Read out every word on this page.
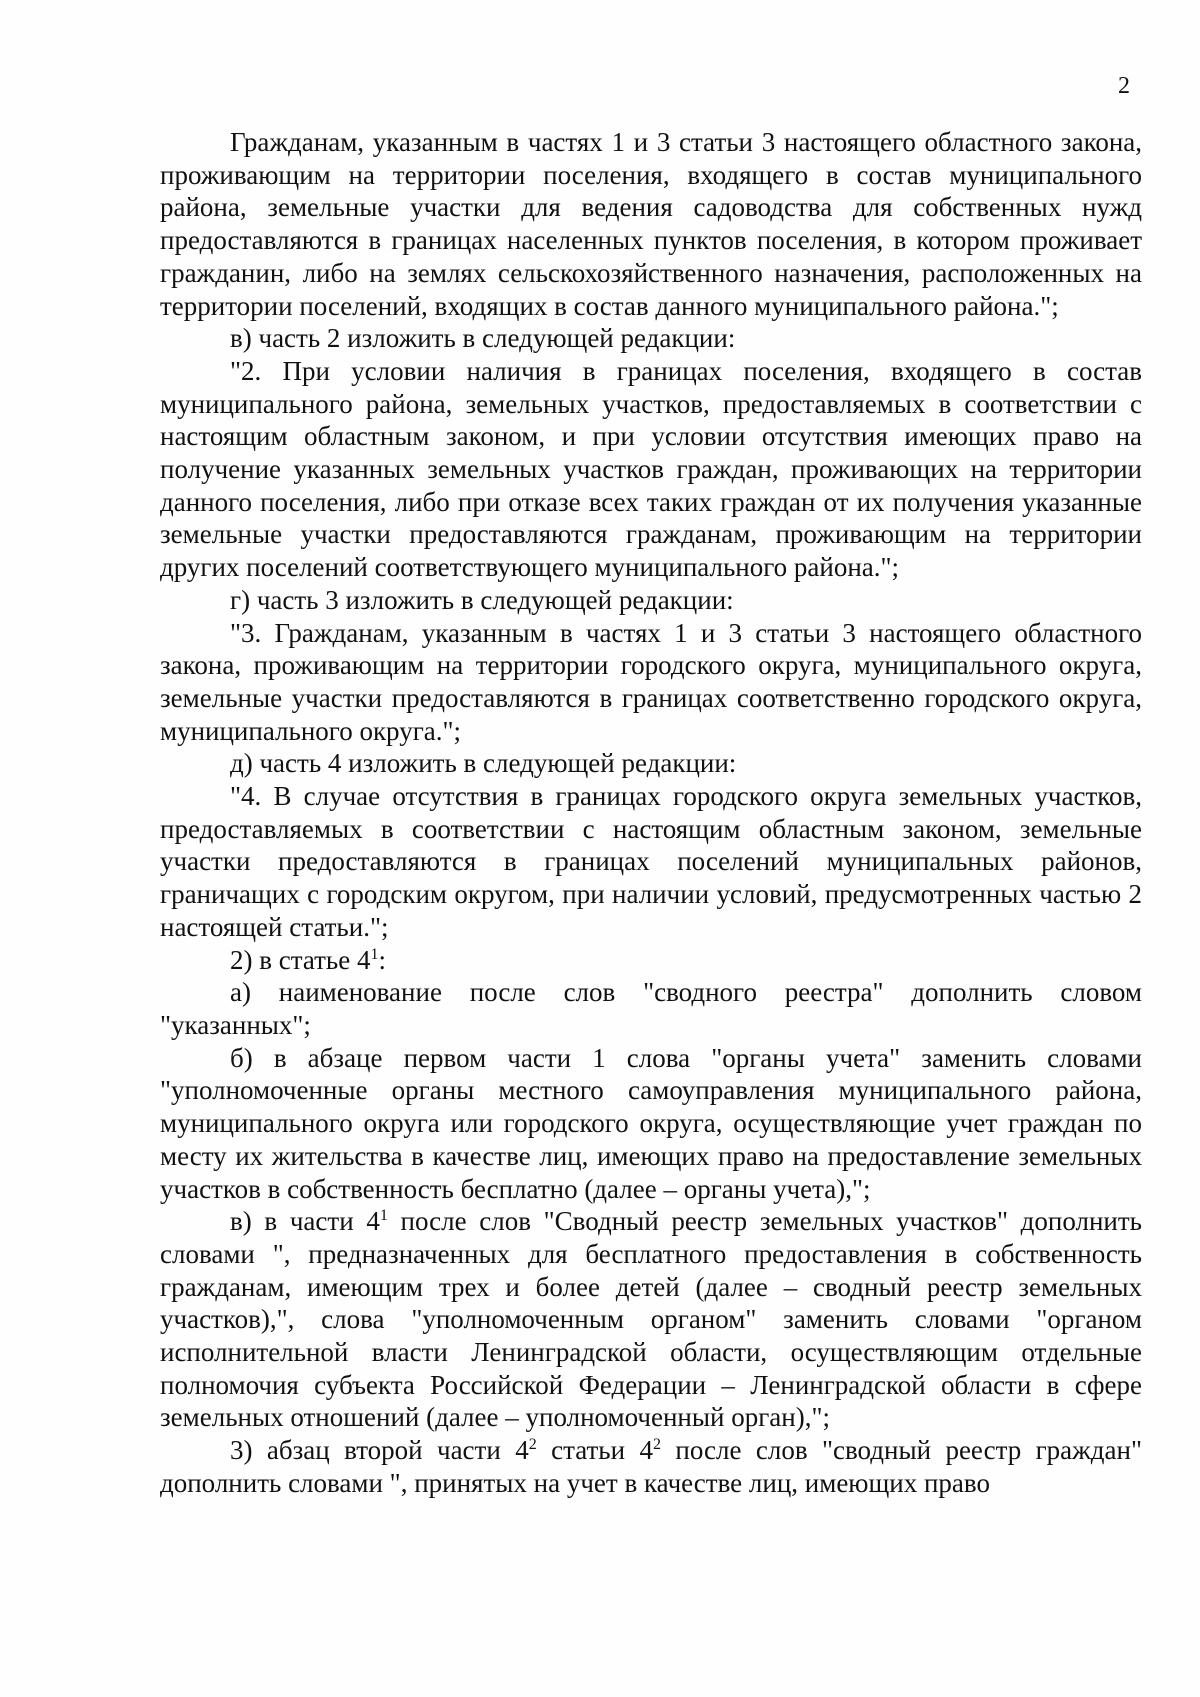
2

Гражданам, указанным в частях 1 и 3 статьи 3 настоящего областного закона, проживающим на территории поселения, входящего в состав муниципального района, земельные участки для ведения садоводства для собственных нужд предоставляются в границах населенных пунктов поселения, в котором проживает гражданин, либо на землях сельскохозяйственного назначения, расположенных на территории поселений, входящих в состав данного муниципального района.";

в) часть 2 изложить в следующей редакции:

"2. При условии наличия в границах поселения, входящего в состав муниципального района, земельных участков, предоставляемых в соответствии с настоящим областным законом, и при условии отсутствия имеющих право на получение указанных земельных участков граждан, проживающих на территории данного поселения, либо при отказе всех таких граждан от их получения указанные земельные участки предоставляются гражданам, проживающим на территории других поселений соответствующего муниципального района.";

г) часть 3 изложить в следующей редакции:

"3. Гражданам, указанным в частях 1 и 3 статьи 3 настоящего областного закона, проживающим на территории городского округа, муниципального округа, земельные участки предоставляются в границах соответственно городского округа, муниципального округа.";

д) часть 4 изложить в следующей редакции:

"4. В случае отсутствия в границах городского округа земельных участков, предоставляемых в соответствии с настоящим областным законом, земельные участки предоставляются в границах поселений муниципальных районов, граничащих с городским округом, при наличии условий, предусмотренных частью 2 настоящей статьи.";

2) в статье $4^1$:

а) наименование после слов "сводного реестра" дополнить словом "указанных";

б) в абзаце первом части 1 слова "органы учета" заменить словами "уполномоченные органы местного самоуправления муниципального района, муниципального округа или городского округа, осуществляющие учет граждан по месту их жительства в качестве лиц, имеющих право на предоставление земельных участков в собственность бесплатно (далее – органы учета),";

в) в части $4^1$ после слов "Сводный реестр земельных участков" дополнить словами ", предназначенных для бесплатного предоставления в собственность гражданам, имеющим трех и более детей (далее – сводный реестр земельных участков),", слова "уполномоченным органом" заменить словами "органом исполнительной власти Ленинградской области, осуществляющим отдельные полномочия субъекта Российской Федерации – Ленинградской области в сфере земельных отношений (далее – уполномоченный орган),";

3) абзац второй части $4^2$ статьи $4^2$ после слов "сводный реестр граждан" дополнить словами ", принятых на учет в качестве лиц, имеющих право
